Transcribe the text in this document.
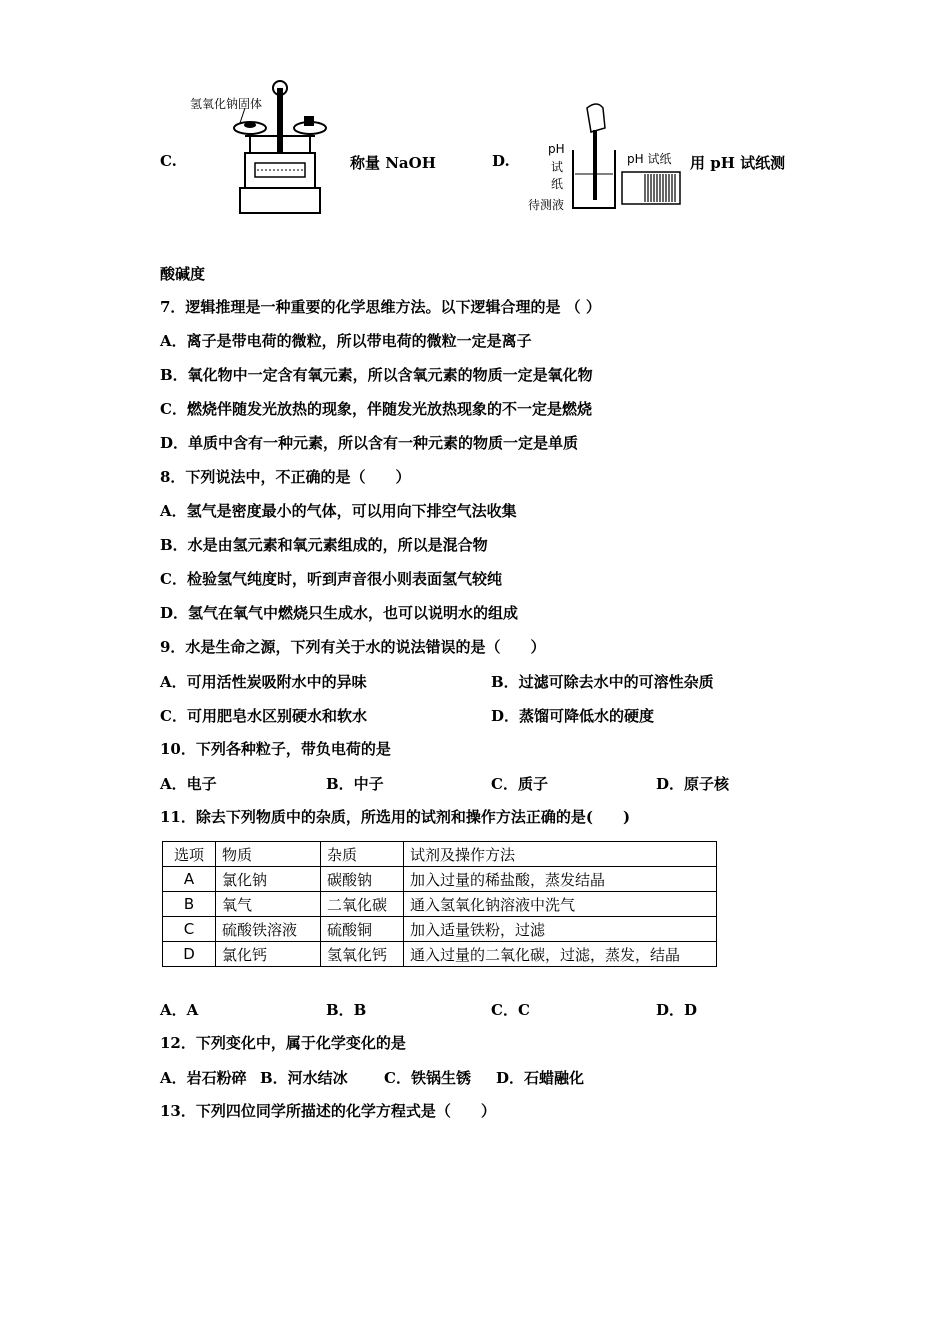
C.
氢氧化钠固体
称量 NaOH	D.
pH
试
纸
待测液
pH 试纸 用 pH 试纸测
酸碱度
7．逻辑推理是一种重要的化学思维方法。以下逻辑合理的是 （ ）
A．离子是带电荷的微粒，所以带电荷的微粒一定是离子
B．氧化物中一定含有氧元素，所以含氧元素的物质一定是氧化物
C．燃烧伴随发光放热的现象，伴随发光放热现象的不一定是燃烧
D．单质中含有一种元素，所以含有一种元素的物质一定是单质
8．下列说法中，不正确的是（　　）
A．氢气是密度最小的气体，可以用向下排空气法收集
B．水是由氢元素和氧元素组成的，所以是混合物
C．检验氢气纯度时，听到声音很小则表面氢气较纯
D．氢气在氧气中燃烧只生成水，也可以说明水的组成
9．水是生命之源，下列有关于水的说法错误的是（　　）
A．可用活性炭吸附水中的异味	B．过滤可除去水中的可溶性杂质
C．可用肥皂水区别硬水和软水	D．蒸馏可降低水的硬度
10．下列各种粒子，带负电荷的是
A．电子	B．中子	C．质子	D．原子核
11．除去下列物质中的杂质，所选用的试剂和操作方法正确的是(　　)
选项	物质	杂质	试剂及操作方法
A	氯化钠	碳酸钠	加入过量的稀盐酸，蒸发结晶
B	氧气	二氧化碳	通入氢氧化钠溶液中洗气
C	硫酸铁溶液	硫酸铜	加入适量铁粉，过滤
D	氯化钙	氢氧化钙	通入过量的二氧化碳，过滤，蒸发，结晶
A．A	B．B	C．C	D．D
12．下列变化中，属于化学变化的是
A．岩石粉碎 B．河水结冰 C．铁锅生锈 D．石蜡融化
13．下列四位同学所描述的化学方程式是（　　）
